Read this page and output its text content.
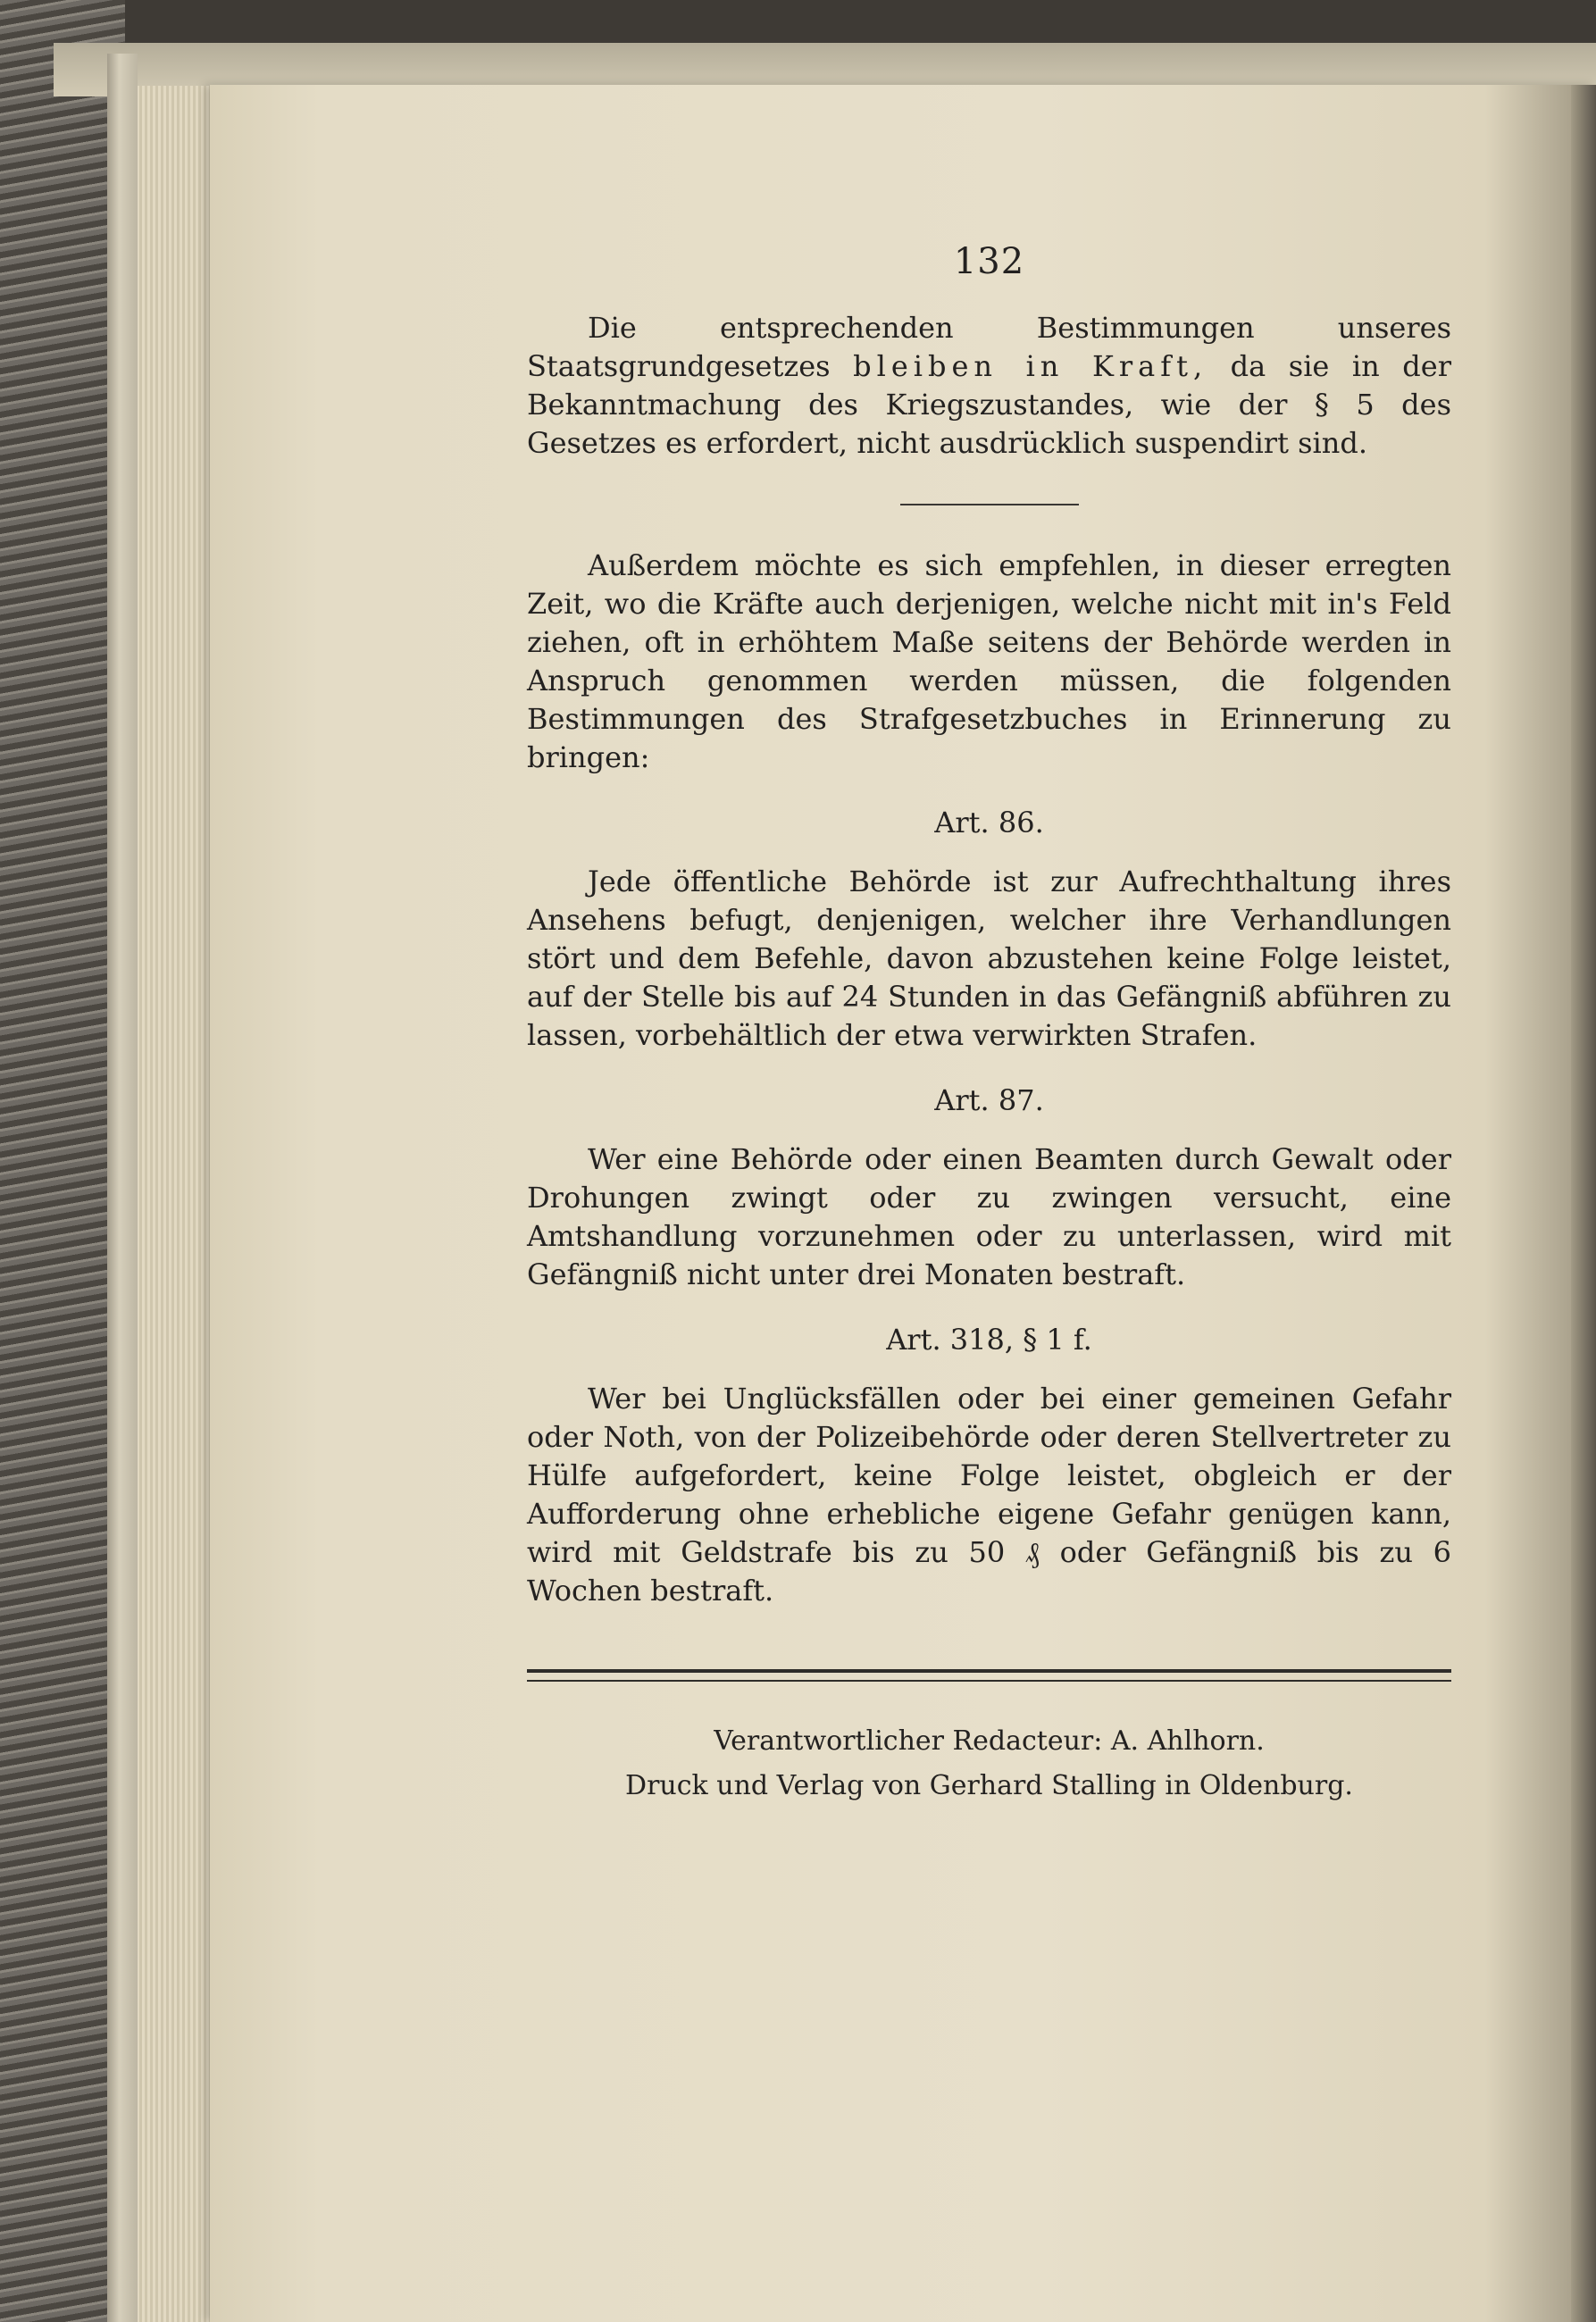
132

Die entsprechenden Bestimmungen unseres Staatsgrundgesetzes bleiben in Kraft, da sie in der Bekanntmachung des Kriegszustandes, wie der § 5 des Gesetzes es erfordert, nicht ausdrücklich suspendirt sind.

Außerdem möchte es sich empfehlen, in dieser erregten Zeit, wo die Kräfte auch derjenigen, welche nicht mit in's Feld ziehen, oft in erhöhtem Maße seitens der Behörde werden in Anspruch genommen werden müssen, die folgenden Bestimmungen des Strafgesetzbuches in Erinnerung zu bringen:

Art. 86.

Jede öffentliche Behörde ist zur Aufrechthaltung ihres Ansehens befugt, denjenigen, welcher ihre Verhandlungen stört und dem Befehle, davon abzustehen keine Folge leistet, auf der Stelle bis auf 24 Stunden in das Gefängniß abführen zu lassen, vorbehältlich der etwa verwirkten Strafen.

Art. 87.

Wer eine Behörde oder einen Beamten durch Gewalt oder Drohungen zwingt oder zu zwingen versucht, eine Amtshandlung vorzunehmen oder zu unterlassen, wird mit Gefängniß nicht unter drei Monaten bestraft.

Art. 318, § 1 f.

Wer bei Unglücksfällen oder bei einer gemeinen Gefahr oder Noth, von der Polizeibehörde oder deren Stellvertreter zu Hülfe aufgefordert, keine Folge leistet, obgleich er der Aufforderung ohne erhebliche eigene Gefahr genügen kann, wird mit Geldstrafe bis zu 50 ₰ oder Gefängniß bis zu 6 Wochen bestraft.

Verantwortlicher Redacteur: A. Ahlhorn.
Druck und Verlag von Gerhard Stalling in Oldenburg.
